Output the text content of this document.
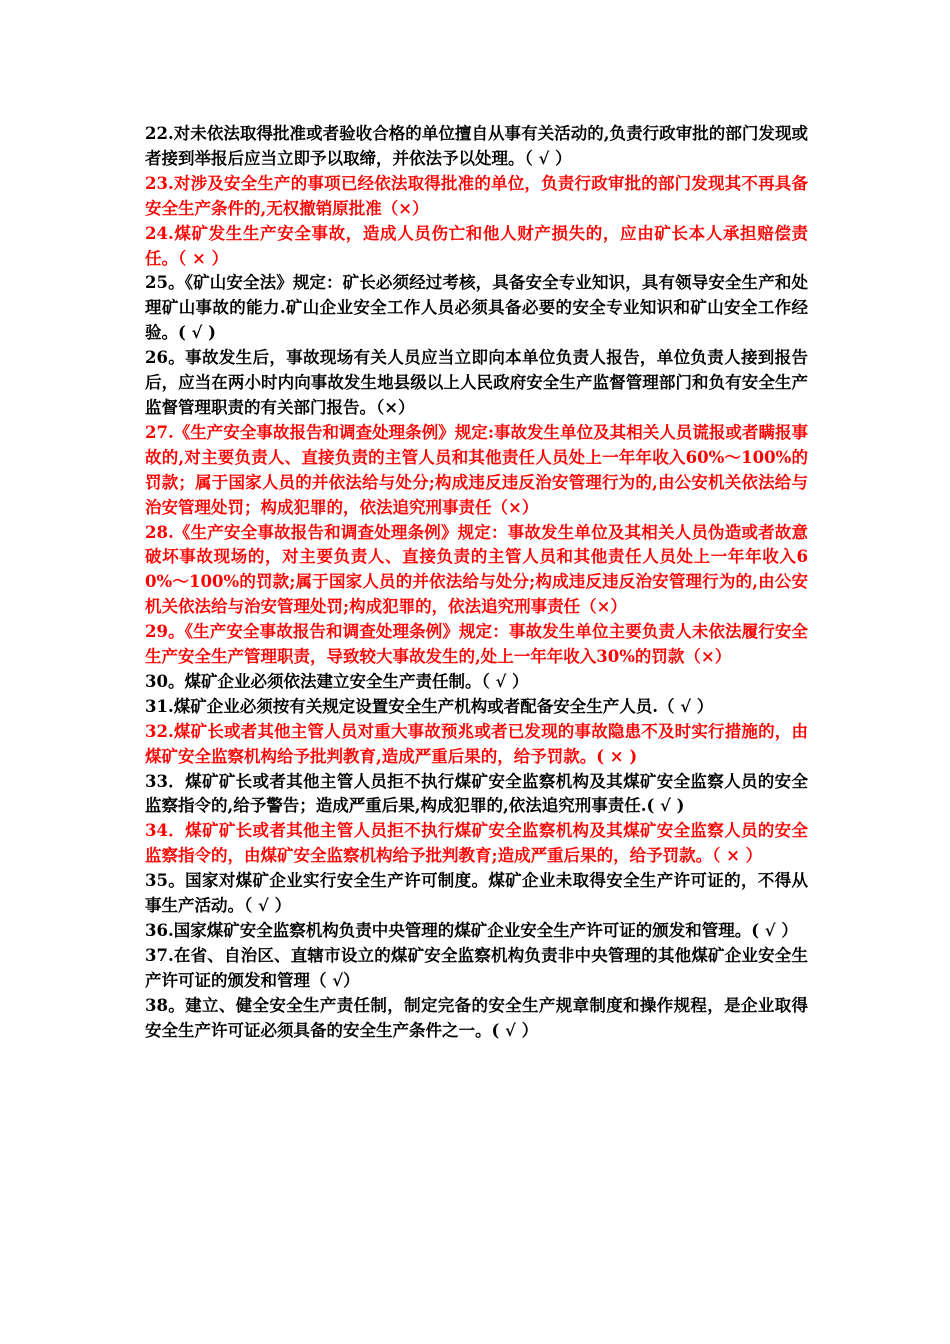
22.对未依法取得批准或者验收合格的单位擅自从事有关活动的,负责行政审批的部门发现或者接到举报后应当立即予以取缔，并依法予以处理。（ √ ）

23.对涉及安全生产的事项已经依法取得批准的单位，负责行政审批的部门发现其不再具备安全生产条件的,无权撤销原批准（×）

24.煤矿发生生产安全事故，造成人员伤亡和他人财产损失的，应由矿长本人承担赔偿责任。（ × ）

25。《矿山安全法》规定：矿长必须经过考核，具备安全专业知识，具有领导安全生产和处理矿山事故的能力.矿山企业安全工作人员必须具备必要的安全专业知识和矿山安全工作经验。( √ )

26。事故发生后，事故现场有关人员应当立即向本单位负责人报告，单位负责人接到报告后，应当在两小时内向事故发生地县级以上人民政府安全生产监督管理部门和负有安全生产监督管理职责的有关部门报告。（×）

27.《生产安全事故报告和调查处理条例》规定:事故发生单位及其相关人员谎报或者瞒报事故的,对主要负责人、直接负责的主管人员和其他责任人员处上一年年收入60%～100%的罚款；属于国家人员的并依法给与处分;构成违反违反治安管理行为的,由公安机关依法给与治安管理处罚；构成犯罪的，依法追究刑事责任（×）

28.《生产安全事故报告和调查处理条例》规定：事故发生单位及其相关人员伪造或者故意破坏事故现场的，对主要负责人、直接负责的主管人员和其他责任人员处上一年年收入60%～100%的罚款;属于国家人员的并依法给与处分;构成违反违反治安管理行为的,由公安机关依法给与治安管理处罚;构成犯罪的，依法追究刑事责任（×）

29。《生产安全事故报告和调查处理条例》规定：事故发生单位主要负责人未依法履行安全生产安全生产管理职责，导致较大事故发生的,处上一年年收入30%的罚款（×）

30。煤矿企业必须依法建立安全生产责任制。（ √ ）

31.煤矿企业必须按有关规定设置安全生产机构或者配备安全生产人员.（ √ ）

32.煤矿长或者其他主管人员对重大事故预兆或者已发现的事故隐患不及时实行措施的，由煤矿安全监察机构给予批判教育,造成严重后果的，给予罚款。( × )

33．煤矿矿长或者其他主管人员拒不执行煤矿安全监察机构及其煤矿安全监察人员的安全监察指令的,给予警告；造成严重后果,构成犯罪的,依法追究刑事责任.( √ )

34．煤矿矿长或者其他主管人员拒不执行煤矿安全监察机构及其煤矿安全监察人员的安全监察指令的，由煤矿安全监察机构给予批判教育;造成严重后果的，给予罚款。（ × ）

35。国家对煤矿企业实行安全生产许可制度。煤矿企业未取得安全生产许可证的，不得从事生产活动。（ √ ）

36.国家煤矿安全监察机构负责中央管理的煤矿企业安全生产许可证的颁发和管理。( √ ）

37.在省、自治区、直辖市设立的煤矿安全监察机构负责非中央管理的其他煤矿企业安全生产许可证的颁发和管理（ √）

38。建立、健全安全生产责任制，制定完备的安全生产规章制度和操作规程，是企业取得安全生产许可证必须具备的安全生产条件之一。( √ ）
